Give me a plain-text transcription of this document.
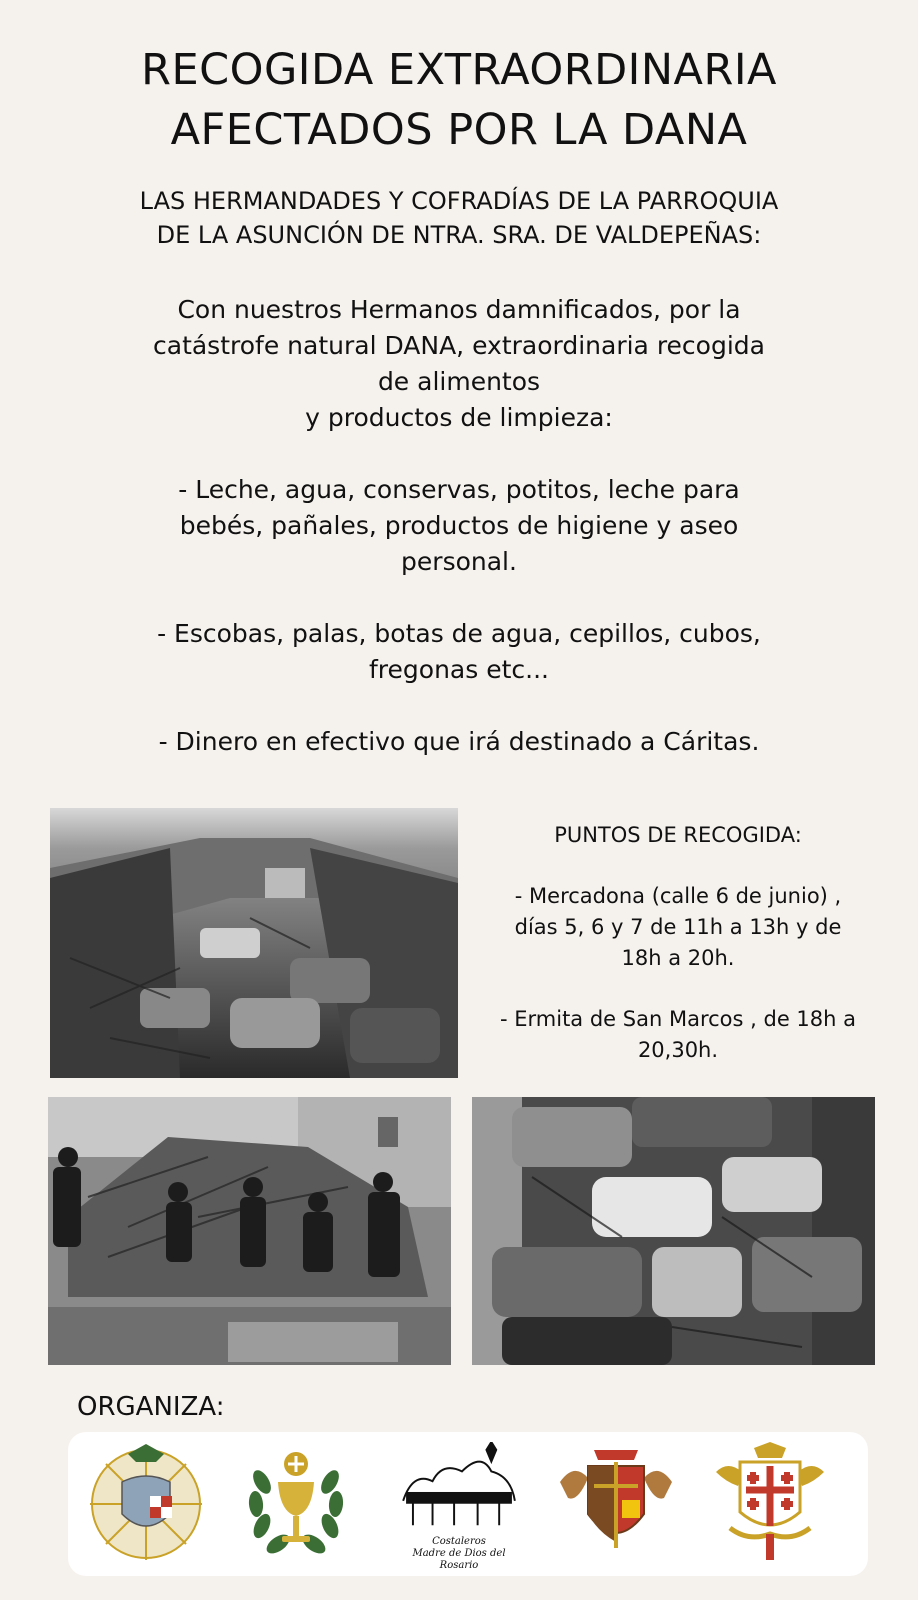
RECOGIDA EXTRAORDINARIA
AFECTADOS POR LA DANA
LAS HERMANDADES Y COFRADÍAS DE LA PARROQUIA
DE LA ASUNCIÓN DE NTRA. SRA. DE VALDEPEÑAS:

Con nuestros Hermanos damnificados, por la

catástrofe natural DANA, extraordinaria recogida

de alimentos

y productos de limpieza:

- Leche, agua, conservas, potitos, leche para

bebés, pañales, productos de higiene y aseo

personal.

- Escobas, palas, botas de agua, cepillos, cubos,

fregonas etc...

- Dinero en efectivo que irá destinado a Cáritas.

PUNTOS DE RECOGIDA:

- Mercadona (calle 6 de junio) ,

días 5, 6 y 7 de 11h a 13h y de

18h a 20h.

- Ermita de San Marcos , de 18h a

20,30h.

ORGANIZA:
Costaleros
Madre de Dios del Rosario
